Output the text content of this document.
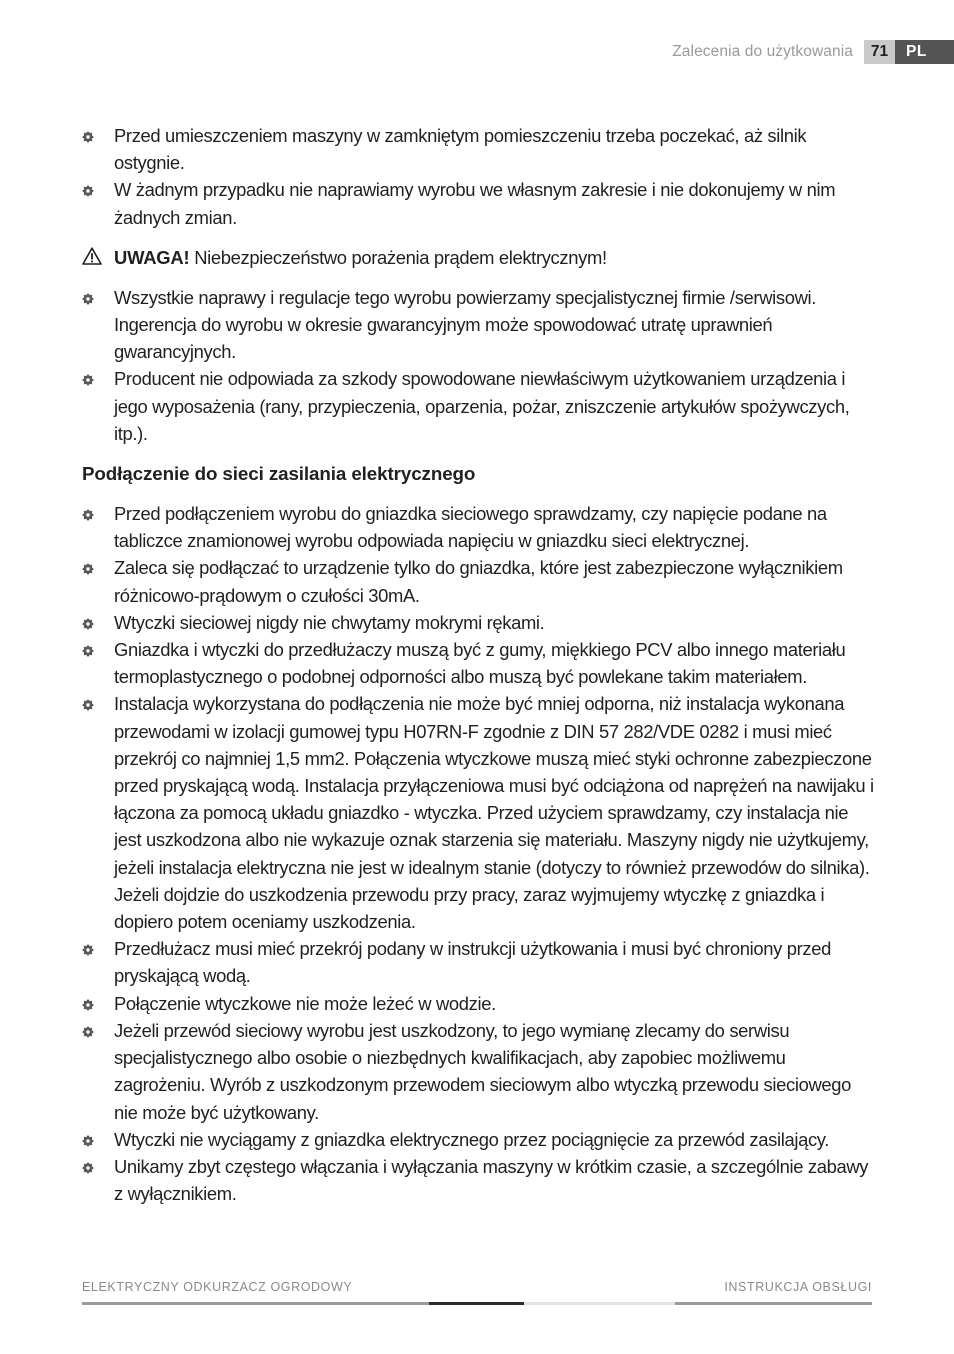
Zalecenia do użytkowania	71	PL
Przed umieszczeniem maszyny w zamkniętym pomieszczeniu trzeba poczekać, aż silnik ostygnie.
W żadnym przypadku nie naprawiamy wyrobu we własnym zakresie i nie dokonujemy w nim żadnych zmian.
UWAGA! Niebezpieczeństwo porażenia prądem elektrycznym!
Wszystkie naprawy i regulacje tego wyrobu powierzamy specjalistycznej firmie /serwisowi. Ingerencja do wyrobu w okresie gwarancyjnym może spowodować utratę uprawnień gwarancyjnych.
Producent nie odpowiada za szkody spowodowane niewłaściwym użytkowaniem urządzenia i jego wyposażenia (rany, przypieczenia, oparzenia, pożar, zniszczenie artykułów spożywczych, itp.).
Podłączenie do sieci zasilania elektrycznego
Przed podłączeniem wyrobu do gniazdka sieciowego sprawdzamy, czy napięcie podane na tabliczce znamionowej wyrobu odpowiada napięciu w gniazdku sieci elektrycznej.
Zaleca się podłączać to urządzenie tylko do gniazdka, które jest zabezpieczone wyłącznikiem różnicowo-prądowym o czułości 30mA.
Wtyczki sieciowej nigdy nie chwytamy mokrymi rękami.
Gniazdka i wtyczki do przedłużaczy muszą być z gumy, miękkiego PCV albo innego materiału termoplastycznego o podobnej odporności albo muszą być powlekane takim materiałem.
Instalacja wykorzystana do podłączenia nie może być mniej odporna, niż instalacja wykonana przewodami w izolacji gumowej typu H07RN-F zgodnie z DIN 57 282/VDE 0282 i musi mieć przekrój co najmniej 1,5 mm2. Połączenia wtyczkowe muszą mieć styki ochronne zabezpieczone przed pryskającą wodą. Instalacja przyłączeniowa musi być odciążona od naprężeń na nawijaku i łączona za pomocą układu gniazdko - wtyczka. Przed użyciem sprawdzamy, czy instalacja nie jest uszkodzona albo nie wykazuje oznak starzenia się materiału. Maszyny nigdy nie użytkujemy, jeżeli instalacja elektryczna nie jest w idealnym stanie (dotyczy to również przewodów do silnika). Jeżeli dojdzie do uszkodzenia przewodu przy pracy, zaraz wyjmujemy wtyczkę z gniazdka i dopiero potem oceniamy uszkodzenia.
Przedłużacz musi mieć przekrój podany w instrukcji użytkowania i musi być chroniony przed pryskającą wodą.
Połączenie wtyczkowe nie może leżeć w wodzie.
Jeżeli przewód sieciowy wyrobu jest uszkodzony, to jego wymianę zlecamy do serwisu specjalistycznego albo osobie o niezbędnych kwalifikacjach, aby zapobiec możliwemu zagrożeniu. Wyrób z uszkodzonym przewodem sieciowym albo wtyczką przewodu sieciowego nie może być użytkowany.
Wtyczki nie wyciągamy z gniazdka elektrycznego przez pociągnięcie za przewód zasilający.
Unikamy zbyt częstego włączania i wyłączania maszyny w krótkim czasie, a szczególnie zabawy z wyłącznikiem.
ELEKTRYCZNY ODKURZACZ OGRODOWY	INSTRUKCJA OBSŁUGI
